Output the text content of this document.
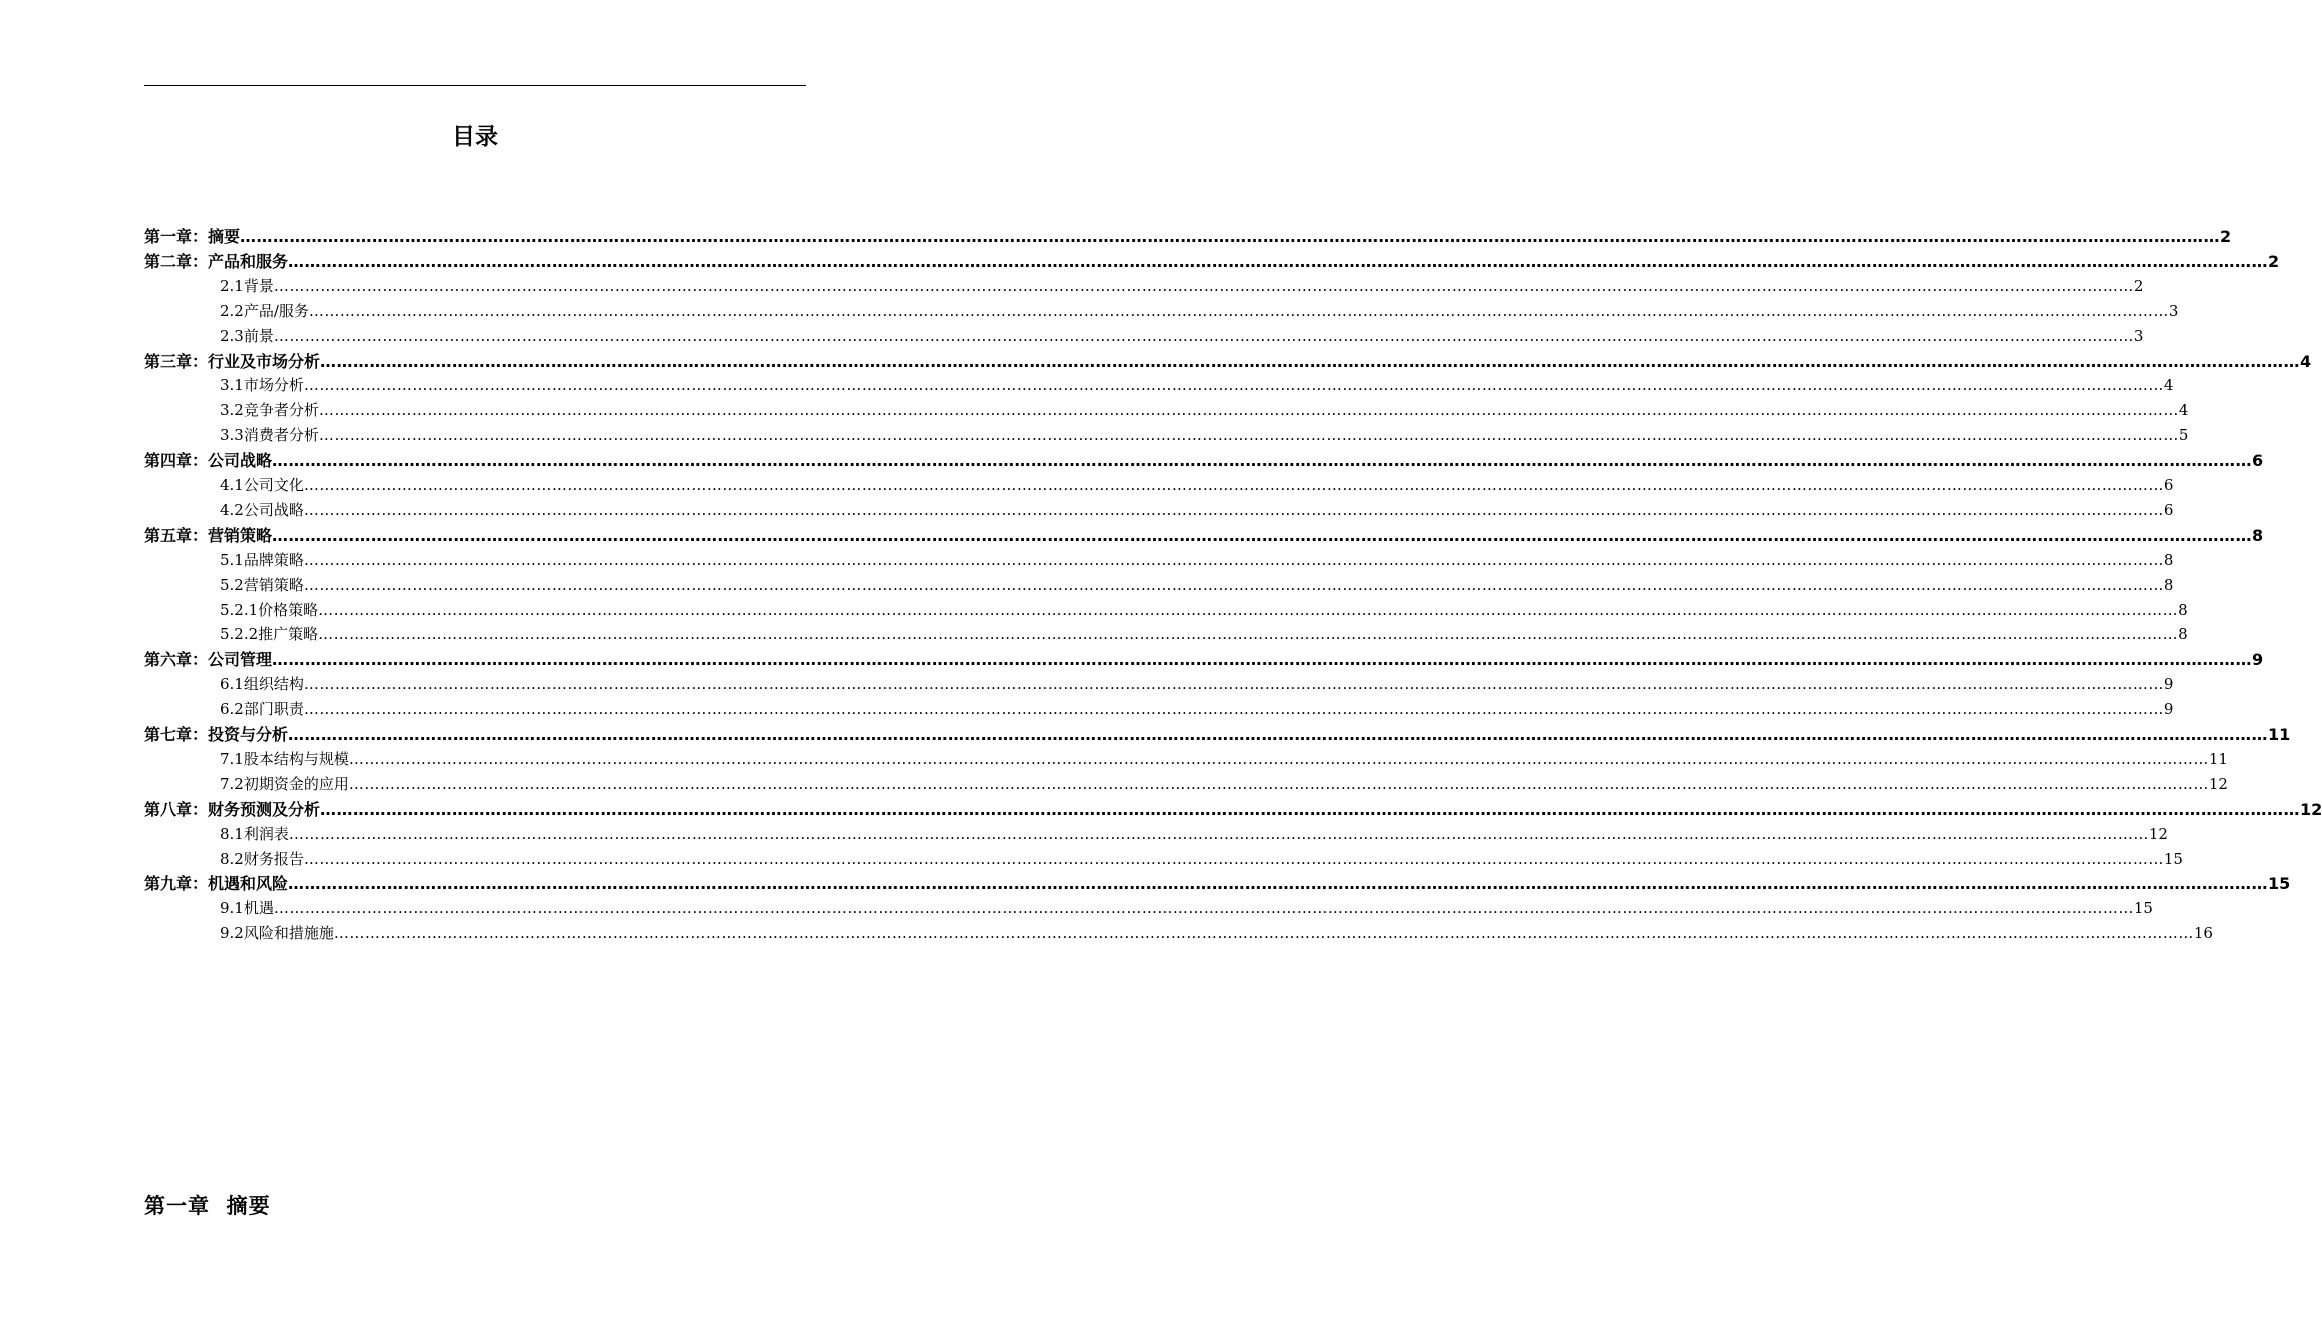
目录
第一章：摘要 ……………………………………………………………………………………………………………………………………………………………………………………………………………………………………………………………………………………………………………………………… 2
第二章：产品和服务 ……………………………………………………………………………………………………………………………………………………………………………………………………………………………………………………………………………………………………………………………… 2
2.1背景 ……………………………………………………………………………………………………………………………………………………………………………………………………………………………………………………………………………………………………………………………… 2
2.2产品/服务 ……………………………………………………………………………………………………………………………………………………………………………………………………………………………………………………………………………………………………………………………… 3
2.3前景 ……………………………………………………………………………………………………………………………………………………………………………………………………………………………………………………………………………………………………………………………… 3
第三章：行业及市场分析 ……………………………………………………………………………………………………………………………………………………………………………………………………………………………………………………………………………………………………………………………… 4
3.1市场分析 ……………………………………………………………………………………………………………………………………………………………………………………………………………………………………………………………………………………………………………………………… 4
3.2竞争者分析 ……………………………………………………………………………………………………………………………………………………………………………………………………………………………………………………………………………………………………………………………… 4
3.3消费者分析 ……………………………………………………………………………………………………………………………………………………………………………………………………………………………………………………………………………………………………………………………… 5
第四章：公司战略 ……………………………………………………………………………………………………………………………………………………………………………………………………………………………………………………………………………………………………………………………… 6
4.1公司文化 ……………………………………………………………………………………………………………………………………………………………………………………………………………………………………………………………………………………………………………………………… 6
4.2公司战略 ……………………………………………………………………………………………………………………………………………………………………………………………………………………………………………………………………………………………………………………………… 6
第五章：营销策略 ……………………………………………………………………………………………………………………………………………………………………………………………………………………………………………………………………………………………………………………………… 8
5.1品牌策略 ……………………………………………………………………………………………………………………………………………………………………………………………………………………………………………………………………………………………………………………………… 8
5.2营销策略 ……………………………………………………………………………………………………………………………………………………………………………………………………………………………………………………………………………………………………………………………… 8
5.2.1价格策略 ……………………………………………………………………………………………………………………………………………………………………………………………………………………………………………………………………………………………………………………………… 8
5.2.2推广策略 ……………………………………………………………………………………………………………………………………………………………………………………………………………………………………………………………………………………………………………………………… 8
第六章：公司管理 ……………………………………………………………………………………………………………………………………………………………………………………………………………………………………………………………………………………………………………………………… 9
6.1组织结构 ……………………………………………………………………………………………………………………………………………………………………………………………………………………………………………………………………………………………………………………………… 9
6.2部门职责 ……………………………………………………………………………………………………………………………………………………………………………………………………………………………………………………………………………………………………………………………… 9
第七章：投资与分析 ……………………………………………………………………………………………………………………………………………………………………………………………………………………………………………………………………………………………………………………………… 11
7.1股本结构与规模 ……………………………………………………………………………………………………………………………………………………………………………………………………………………………………………………………………………………………………………………………… 11
7.2初期资金的应用 ……………………………………………………………………………………………………………………………………………………………………………………………………………………………………………………………………………………………………………………………… 12
第八章：财务预测及分析 ……………………………………………………………………………………………………………………………………………………………………………………………………………………………………………………………………………………………………………………………… 12
8.1利润表 ……………………………………………………………………………………………………………………………………………………………………………………………………………………………………………………………………………………………………………………………… 12
8.2财务报告 ……………………………………………………………………………………………………………………………………………………………………………………………………………………………………………………………………………………………………………………………… 15
第九章：机遇和风险 ……………………………………………………………………………………………………………………………………………………………………………………………………………………………………………………………………………………………………………………………… 15
9.1机遇 ……………………………………………………………………………………………………………………………………………………………………………………………………………………………………………………………………………………………………………………………… 15
9.2风险和措施施 ……………………………………………………………………………………………………………………………………………………………………………………………………………………………………………………………………………………………………………………………… 16
第一章  摘要
